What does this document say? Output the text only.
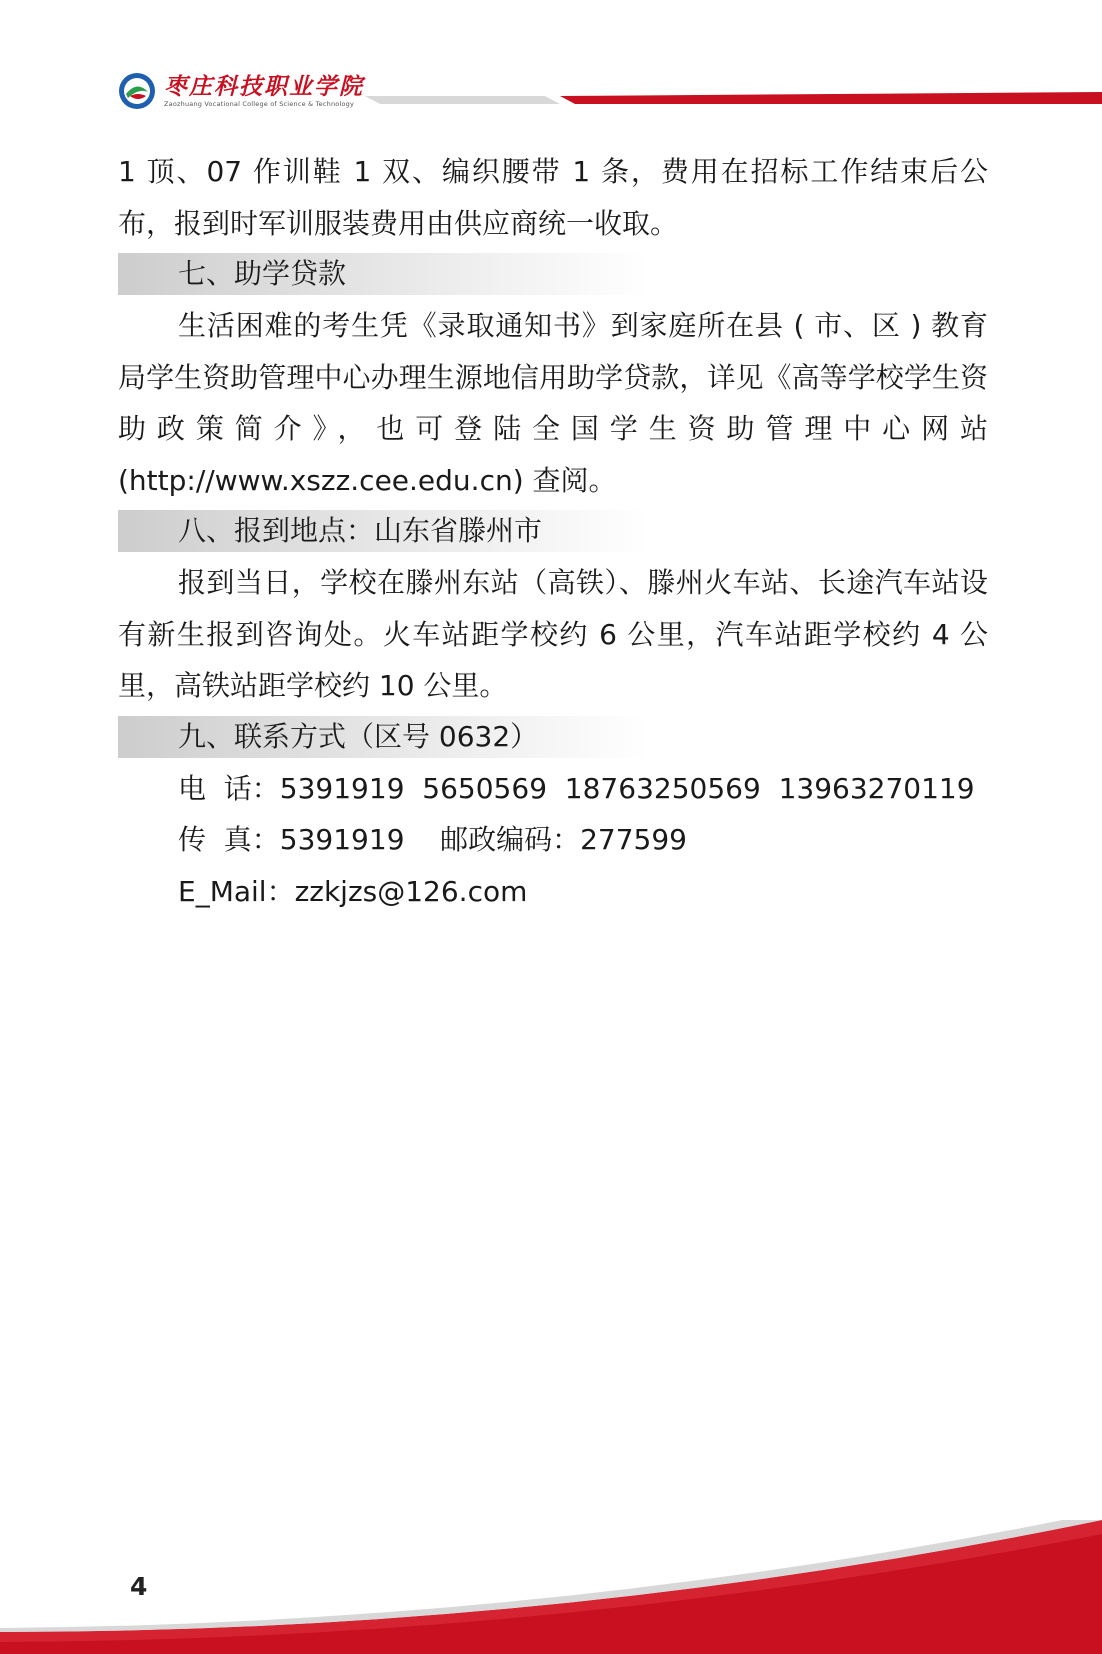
枣庄科技职业学院
Zaozhuang Vocational College of Science & Technology

1 顶、07 作训鞋 1 双、编织腰带 1 条，费用在招标工作结束后公布，报到时军训服装费用由供应商统一收取。

七、助学贷款

生活困难的考生凭《录取通知书》到家庭所在县 ( 市、区 ) 教育局学生资助管理中心办理生源地信用助学贷款，详见《高等学校学生资助政策简介》，也可登陆全国学生资助管理中心网站 (http://www.xszz.cee.edu.cn) 查阅。

八、报到地点：山东省滕州市

报到当日，学校在滕州东站（高铁）、滕州火车站、长途汽车站设有新生报到咨询处。火车站距学校约 6 公里，汽车站距学校约 4 公里，高铁站距学校约 10 公里。

九、联系方式（区号 0632）
电  话：5391919  5650569  18763250569  13963270119
传  真：5391919    邮政编码：277599
E_Mail：zzkjzs@126.com
4
